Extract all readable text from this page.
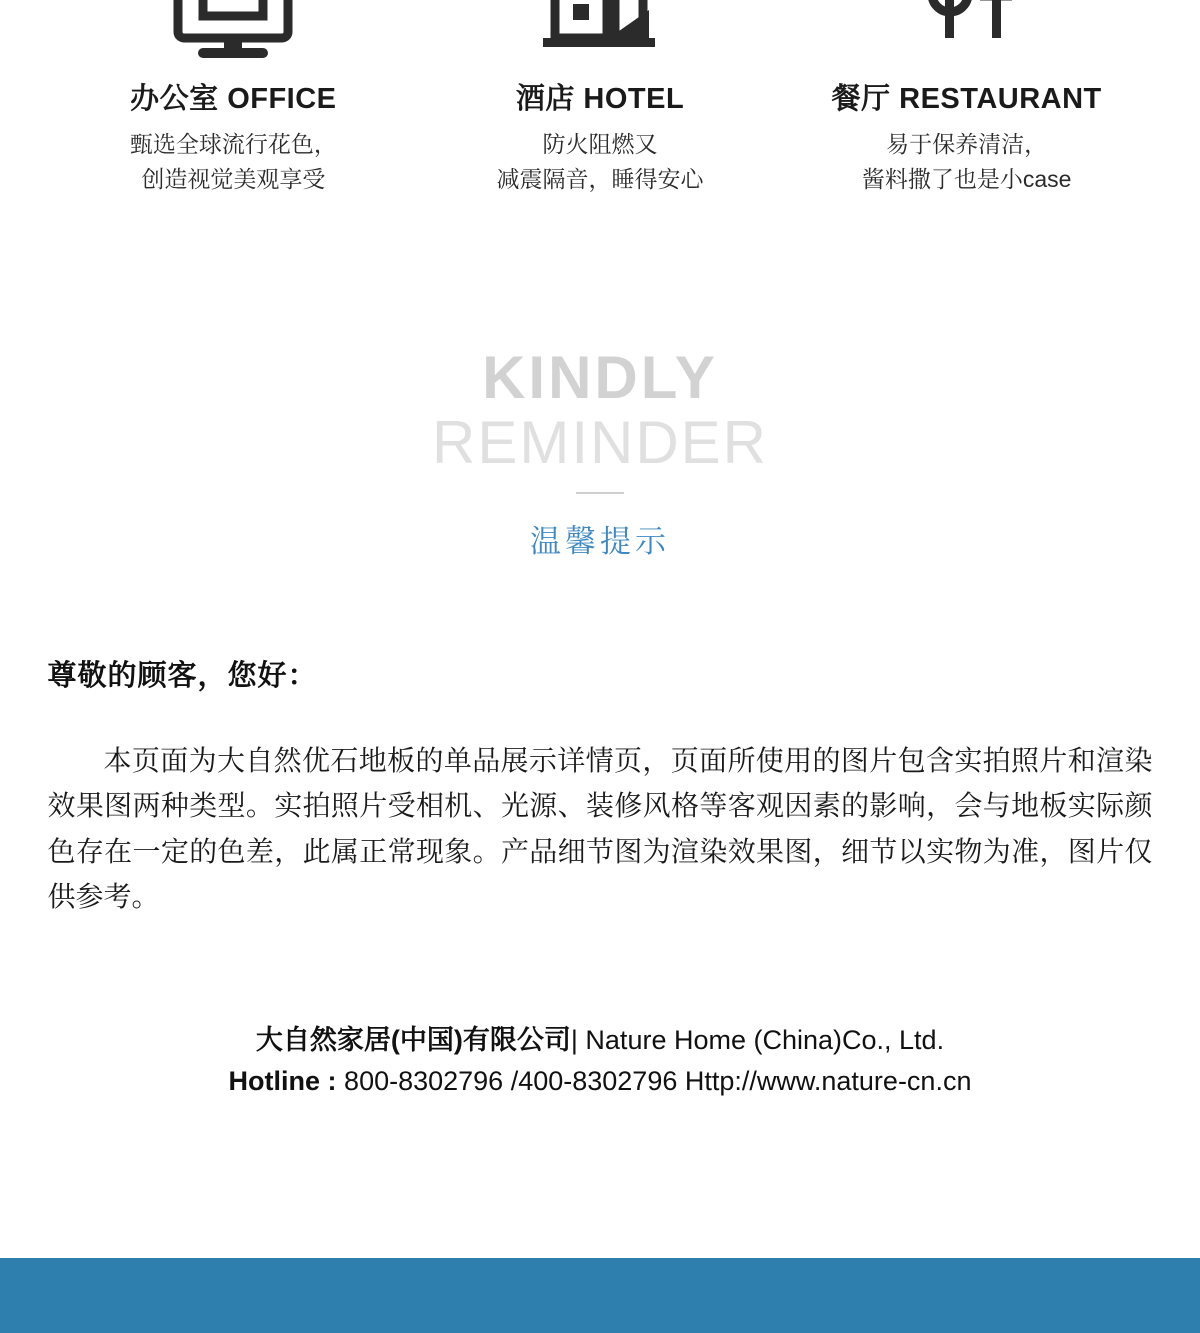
办公室 OFFICE
甄选全球流行花色，
创造视觉美观享受
酒店 HOTEL
防火阻燃又
减震隔音，睡得安心
餐厅 RESTAURANT
易于保养清洁，
酱料撒了也是小case
KINDLY
REMINDER
温馨提示
尊敬的顾客，您好：
本页面为大自然优石地板的单品展示详情页，页面所使用的图片包含实拍照片和渲染效果图两种类型。实拍照片受相机、光源、装修风格等客观因素的影响，会与地板实际颜色存在一定的色差，此属正常现象。产品细节图为渲染效果图，细节以实物为准，图片仅供参考。
大自然家居(中国)有限公司| Nature Home (China)Co., Ltd.
Hotline : 800-8302796 /400-8302796 Http://www.nature-cn.cn
